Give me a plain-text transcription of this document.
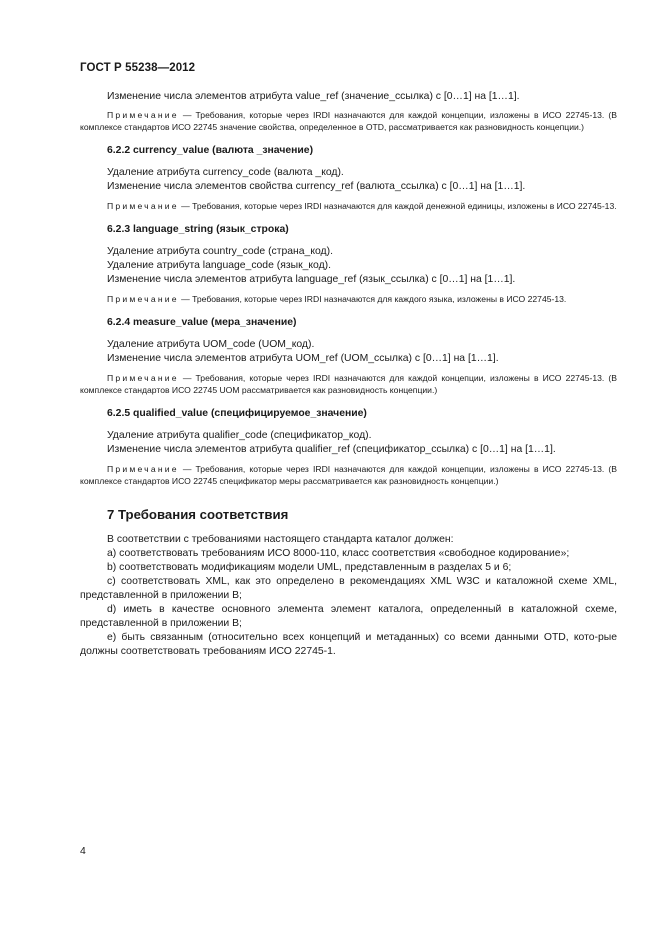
ГОСТ Р 55238—2012

Изменение числа элементов атрибута value_ref (значение_ссылка) с [0…1] на [1…1].

Примечание — Требования, которые через IRDI назначаются для каждой концепции, изложены в ИСО 22745-13. (В комплексе стандартов ИСО 22745 значение свойства, определенное в OTD, рассматривается как разновидность концепции.)

6.2.2 currency_value (валюта _значение)

Удаление атрибута currency_code (валюта _код).

Изменение числа элементов свойства currency_ref (валюта_ссылка) с [0…1] на [1…1].

Примечание — Требования, которые через IRDI назначаются для каждой денежной единицы, изложены в ИСО 22745-13.

6.2.3 language_string (язык_строка)

Удаление атрибута country_code (страна_код).

Удаление атрибута language_code (язык_код).

Изменение числа элементов атрибута language_ref (язык_ссылка) с [0…1] на [1…1].

Примечание — Требования, которые через IRDI назначаются для каждого языка, изложены в ИСО 22745-13.

6.2.4 measure_value (мера_значение)

Удаление атрибута UOM_code (UOM_код).

Изменение числа элементов атрибута UOM_ref (UOM_ссылка) с [0…1] на [1…1].

Примечание — Требования, которые через IRDI назначаются для каждой концепции, изложены в ИСО 22745-13. (В комплексе стандартов ИСО 22745 UOM рассматривается как разновидность концепции.)

6.2.5 qualified_value (специфицируемое_значение)

Удаление атрибута qualifier_code (спецификатор_код).

Изменение числа элементов атрибута qualifier_ref (спецификатор_ссылка) с [0…1] на [1…1].

Примечание — Требования, которые через IRDI назначаются для каждой концепции, изложены в ИСО 22745-13. (В комплексе стандартов ИСО 22745 спецификатор меры рассматривается как разновидность концепции.)

7 Требования соответствия

В соответствии с требованиями настоящего стандарта каталог должен:

а) соответствовать требованиям ИСО 8000-110, класс соответствия «свободное кодирование»;

b) соответствовать модификациям модели UML, представленным в разделах 5 и 6;

c) соответствовать XML, как это определено в рекомендациях XML W3C и каталожной схеме XML, представленной в приложении В;

d) иметь в качестве основного элемента элемент каталога, определенный в каталожной схеме, представленной в приложении В;

е) быть связанным (относительно всех концепций и метаданных) со всеми данными OTD, кото-рые должны соответствовать требованиям ИСО 22745-1.

4
